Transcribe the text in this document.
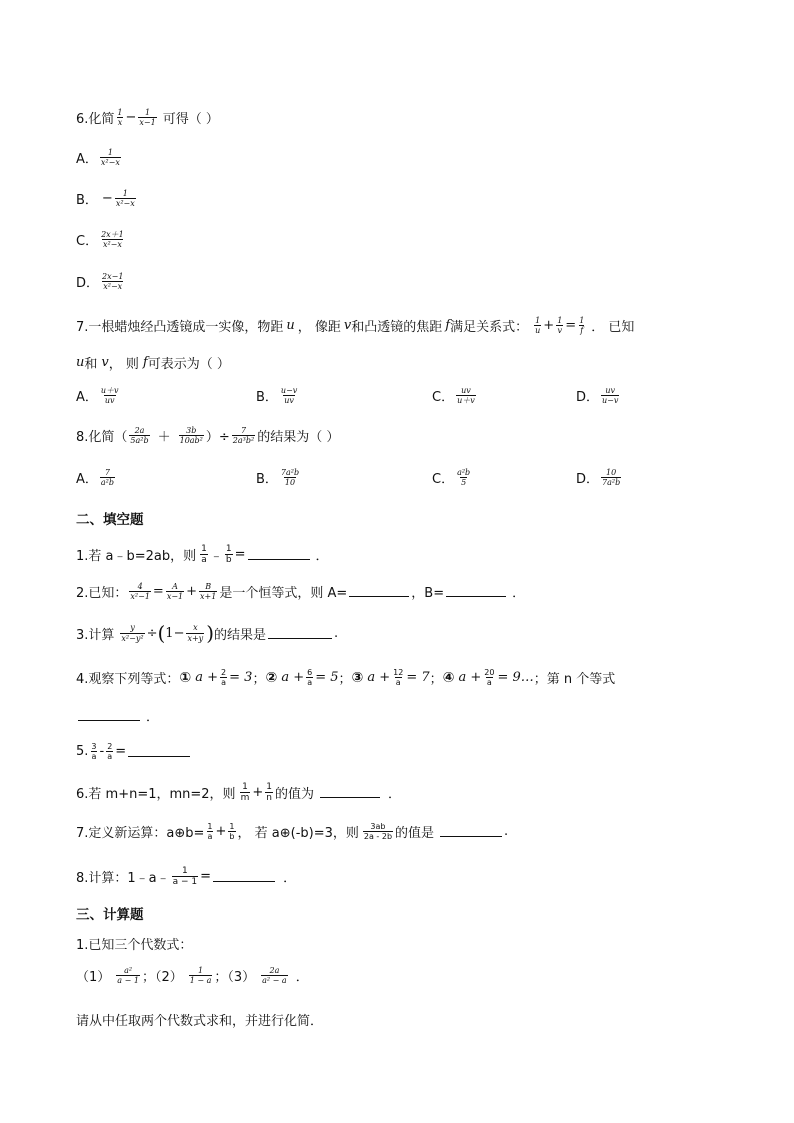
6.化简 $\frac{1}{x} - \frac{1}{x-1}$ 可得（ ）
A． $\frac{1}{\text{x²−x}}$
B． − $\frac{1}{\text{x²−x}}$
C． $\frac{2x+1}{\text{x²−x}}$
D． $\frac{2x-1}{\text{x²−x}}$
7.一根蜡烛经凸透镜成一实像，物距 u ， 像距 v 和凸透镜的焦距 f 满足关系式： $\frac{1}{u} + \frac{1}{v} = \frac{1}{f}$ ． 已知
u 和 v ， 则 f 可表示为（ ）
A． $\frac{u+v}{uv}$	B． $\frac{u-v}{uv}$	C． $\frac{uv}{u+v}$	D． $\frac{uv}{u-v}$
8.化简（ $\frac{2a}{\text{5a²b}} + \frac{3b}{\text{10ab²}}$ ）÷ $\frac{7}{\text{2a³b²}}$ 的结果为（ ）
A． $\frac{7}{\text{a²b}}$	B． $\frac{\text{7a²b}}{10}$	C． $\frac{\text{a²b}}{5}$	D． $\frac{10}{\text{7a²b}}$
二、填空题
1.若 a﹣b=2ab，则 $\frac{1}{a}$ ﹣ $\frac{1}{b}$ =	．
2.已知： $\frac{4}{\text{x²−1}} = \frac{A}{x-1} + \frac{B}{x+1}$ 是一个恒等式，则 A=	，B=	．
3.计算 $\frac{y}{\text{x²−y²}}$ ÷ ( $1 - \frac{x}{x+y}$ ) 的结果是	.
4.观察下列等式： ① $a + \frac{2}{a} = 3$ ； ② $a + \frac{6}{a} = 5$ ； ③ $a + \frac{12}{a} = 7$ ； ④ $a + \frac{20}{a}$ = 9… ；第 n 个等式
．
5. $\frac{3}{a} - \frac{2}{a}$ =
6.若 m+n=1，mn=2，则 $\frac{1}{m} + \frac{1}{n}$ 的值为	．
7.定义新运算：a⊕b= $\frac{1}{a} + \frac{1}{b}$ ， 若 a⊕(-b)=3，则 $\frac{3ab}{2a - 2b}$ 的值是	.
8.计算：1﹣a﹣ $\frac{1}{a - 1}$ =	．
三、计算题
1.已知三个代数式：
$(1) \frac{\text{a²}}{a - 1}$ ；$(2) \frac{1}{1 - a}$ ；$(3) \frac{2a}{\text{a² − a}}$ ．
请从中任取两个代数式求和，并进行化简．
